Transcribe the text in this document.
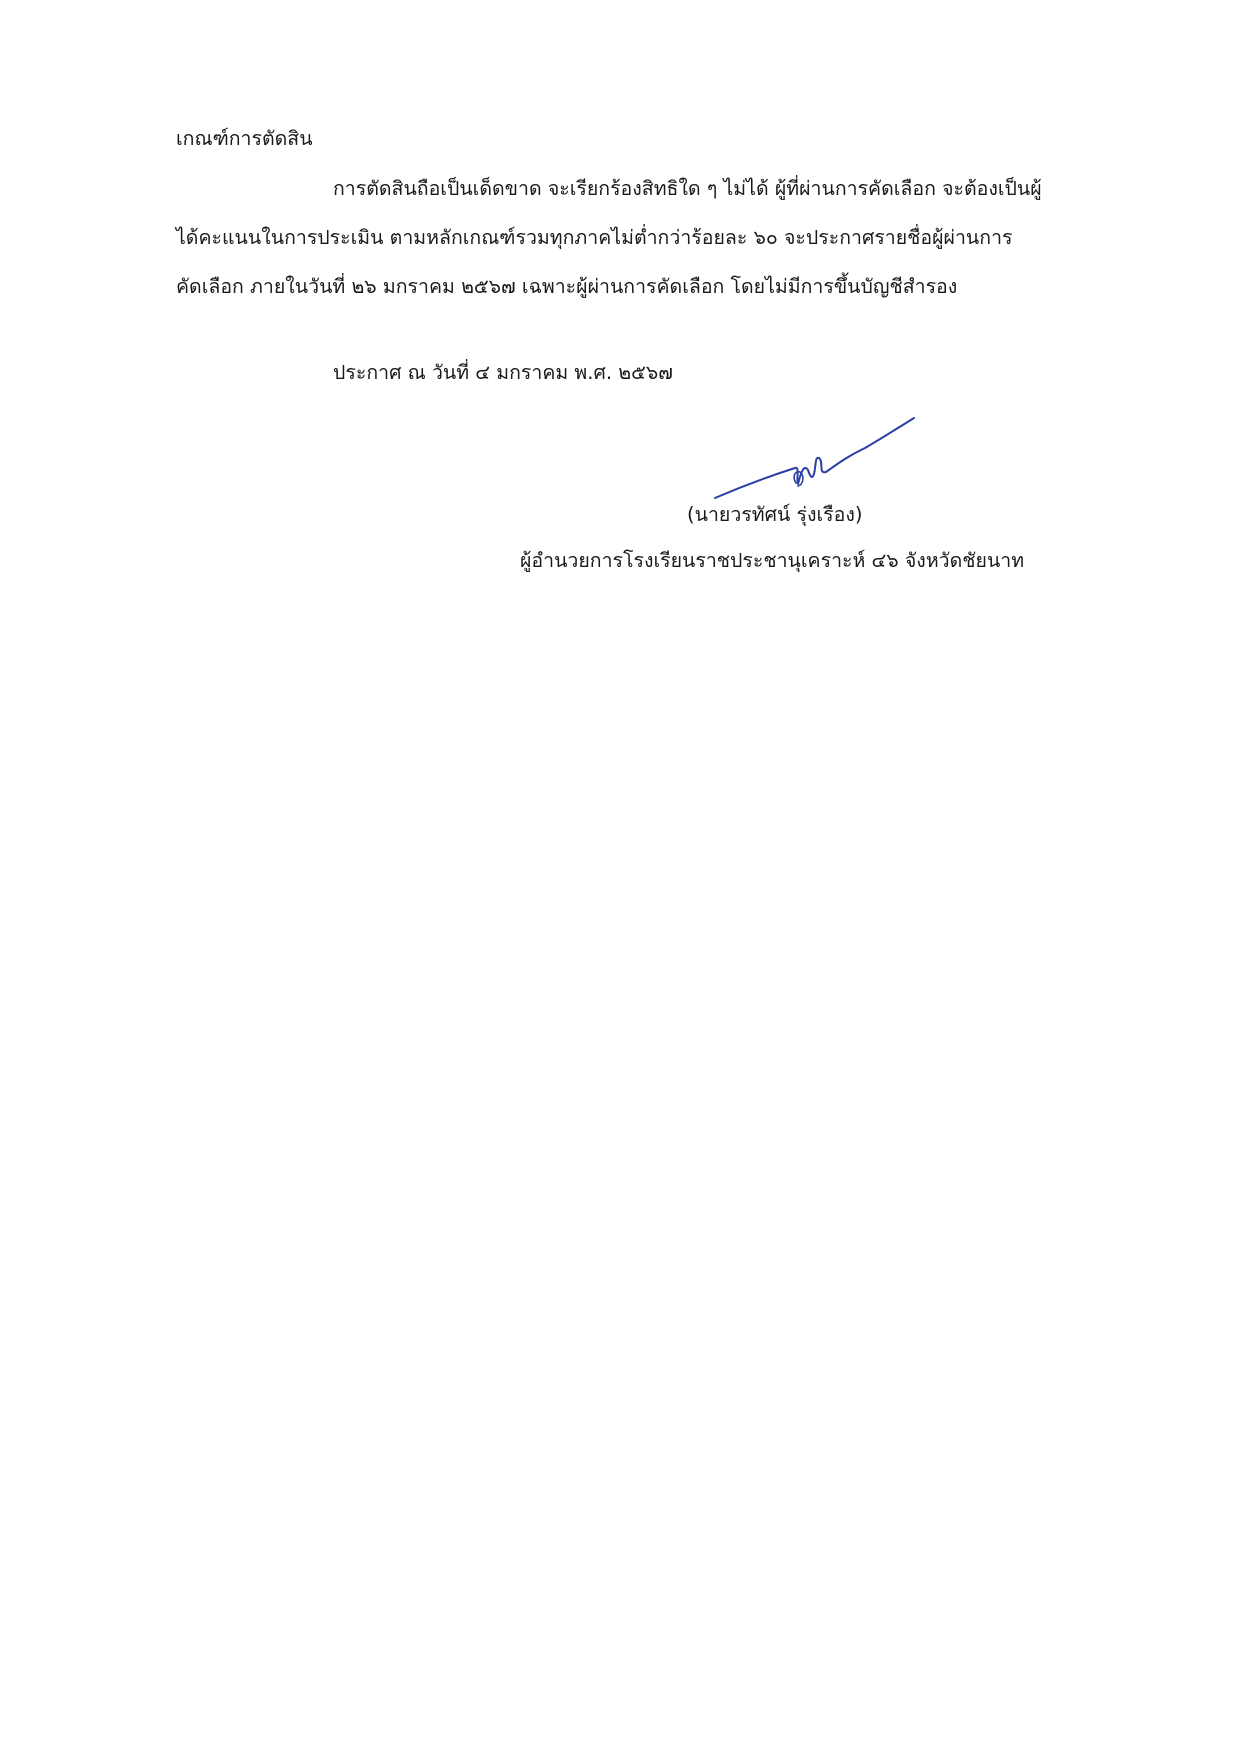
เกณฑ์การตัดสิน
การตัดสินถือเป็นเด็ดขาด จะเรียกร้องสิทธิใด ๆ ไม่ได้ ผู้ที่ผ่านการคัดเลือก จะต้องเป็นผู้
ได้คะแนนในการประเมิน ตามหลักเกณฑ์รวมทุกภาคไม่ต่ำกว่าร้อยละ ๖๐ จะประกาศรายชื่อผู้ผ่านการ
คัดเลือก ภายในวันที่ ๒๖ มกราคม ๒๕๖๗ เฉพาะผู้ผ่านการคัดเลือก โดยไม่มีการขึ้นบัญชีสำรอง
ประกาศ ณ วันที่ ๔ มกราคม พ.ศ. ๒๕๖๗
(นายวรทัศน์ รุ่งเรือง)
ผู้อำนวยการโรงเรียนราชประชานุเคราะห์ ๔๖ จังหวัดชัยนาท
